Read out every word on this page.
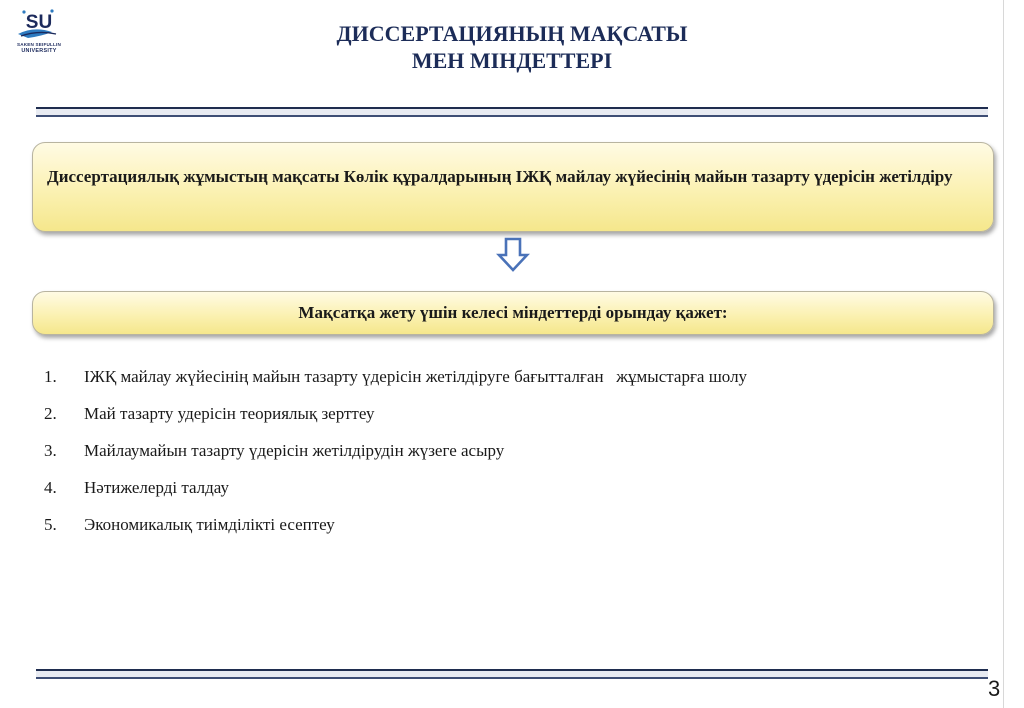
SU
SAKEN SEIFULLIN
UNIVERSITY
ДИССЕРТАЦИЯНЫҢ МАҚСАТЫ
МЕН МІНДЕТТЕРІ

Диссертациялық жұмыстың мақсаты Көлік құралдарының ІЖҚ майлау жүйесінің майын тазарту үдерісін жетілдіру

Мақсатқа жету үшін келесі міндеттерді орындау қажет:
1.	ІЖҚ майлау жүйесінің майын тазарту үдерісін жетілдіруге бағытталған   жұмыстарға шолу
2.	Май тазарту удерісін теориялық зерттеу
3.	Майлаумайын тазарту үдерісін жетілдірудін жүзеге асыру
4.	Нәтижелерді талдау
5.	Экономикалық тиімділікті есептеу
3
